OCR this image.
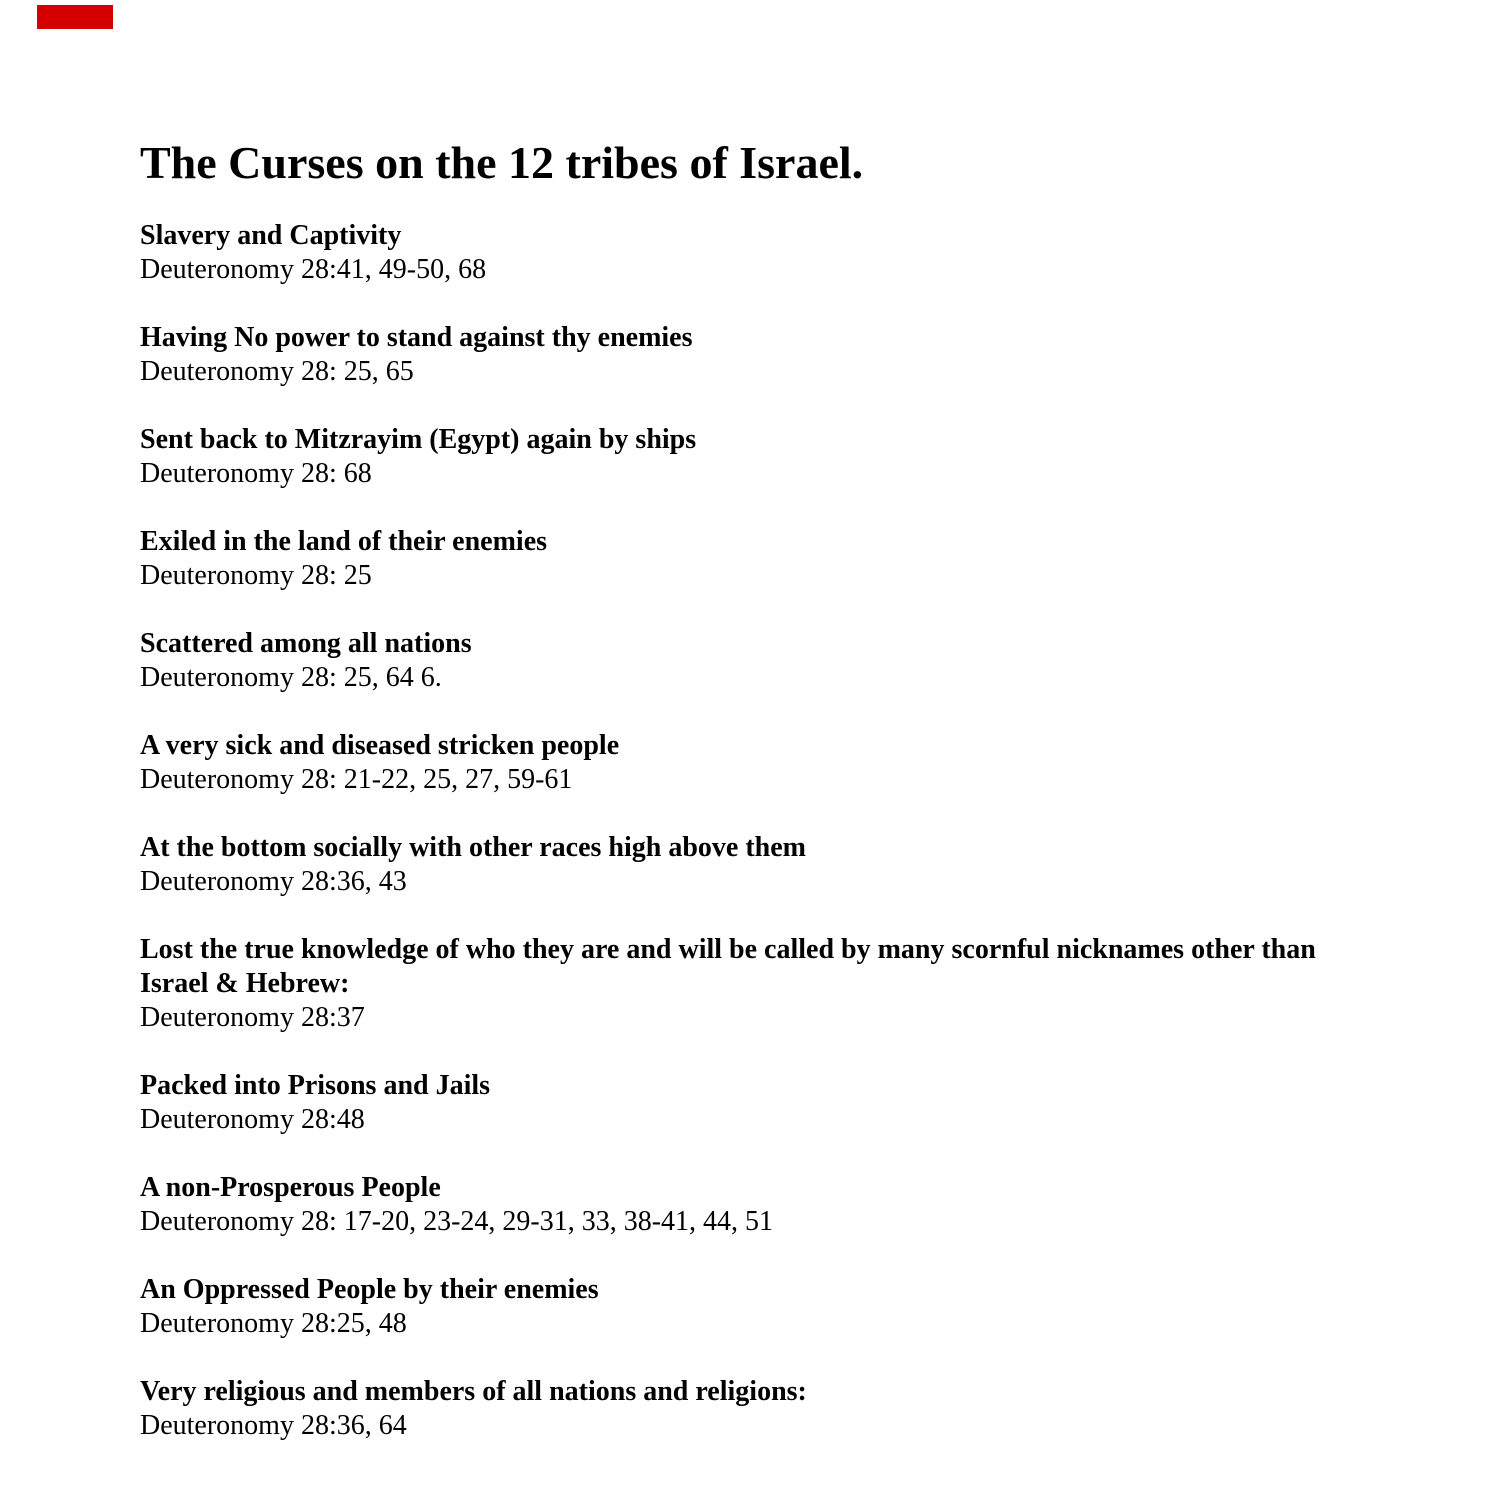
The Curses on the 12 tribes of Israel.
Slavery and Captivity

Deuteronomy 28:41, 49-50, 68

Having No power to stand against thy enemies

Deuteronomy 28: 25, 65

Sent back to Mitzrayim (Egypt) again by ships

Deuteronomy 28: 68

Exiled in the land of their enemies

Deuteronomy 28: 25

Scattered among all nations

Deuteronomy 28: 25, 64 6.

A very sick and diseased stricken people

Deuteronomy 28: 21-22, 25, 27, 59-61

At the bottom socially with other races high above them

Deuteronomy 28:36, 43

Lost the true knowledge of who they are and will be called by many scornful nicknames other than Israel & Hebrew:

Deuteronomy 28:37

Packed into Prisons and Jails

Deuteronomy 28:48

A non-Prosperous People

Deuteronomy 28: 17-20, 23-24, 29-31, 33, 38-41, 44, 51

An Oppressed People by their enemies

Deuteronomy 28:25, 48

Very religious and members of all nations and religions:

Deuteronomy 28:36, 64
